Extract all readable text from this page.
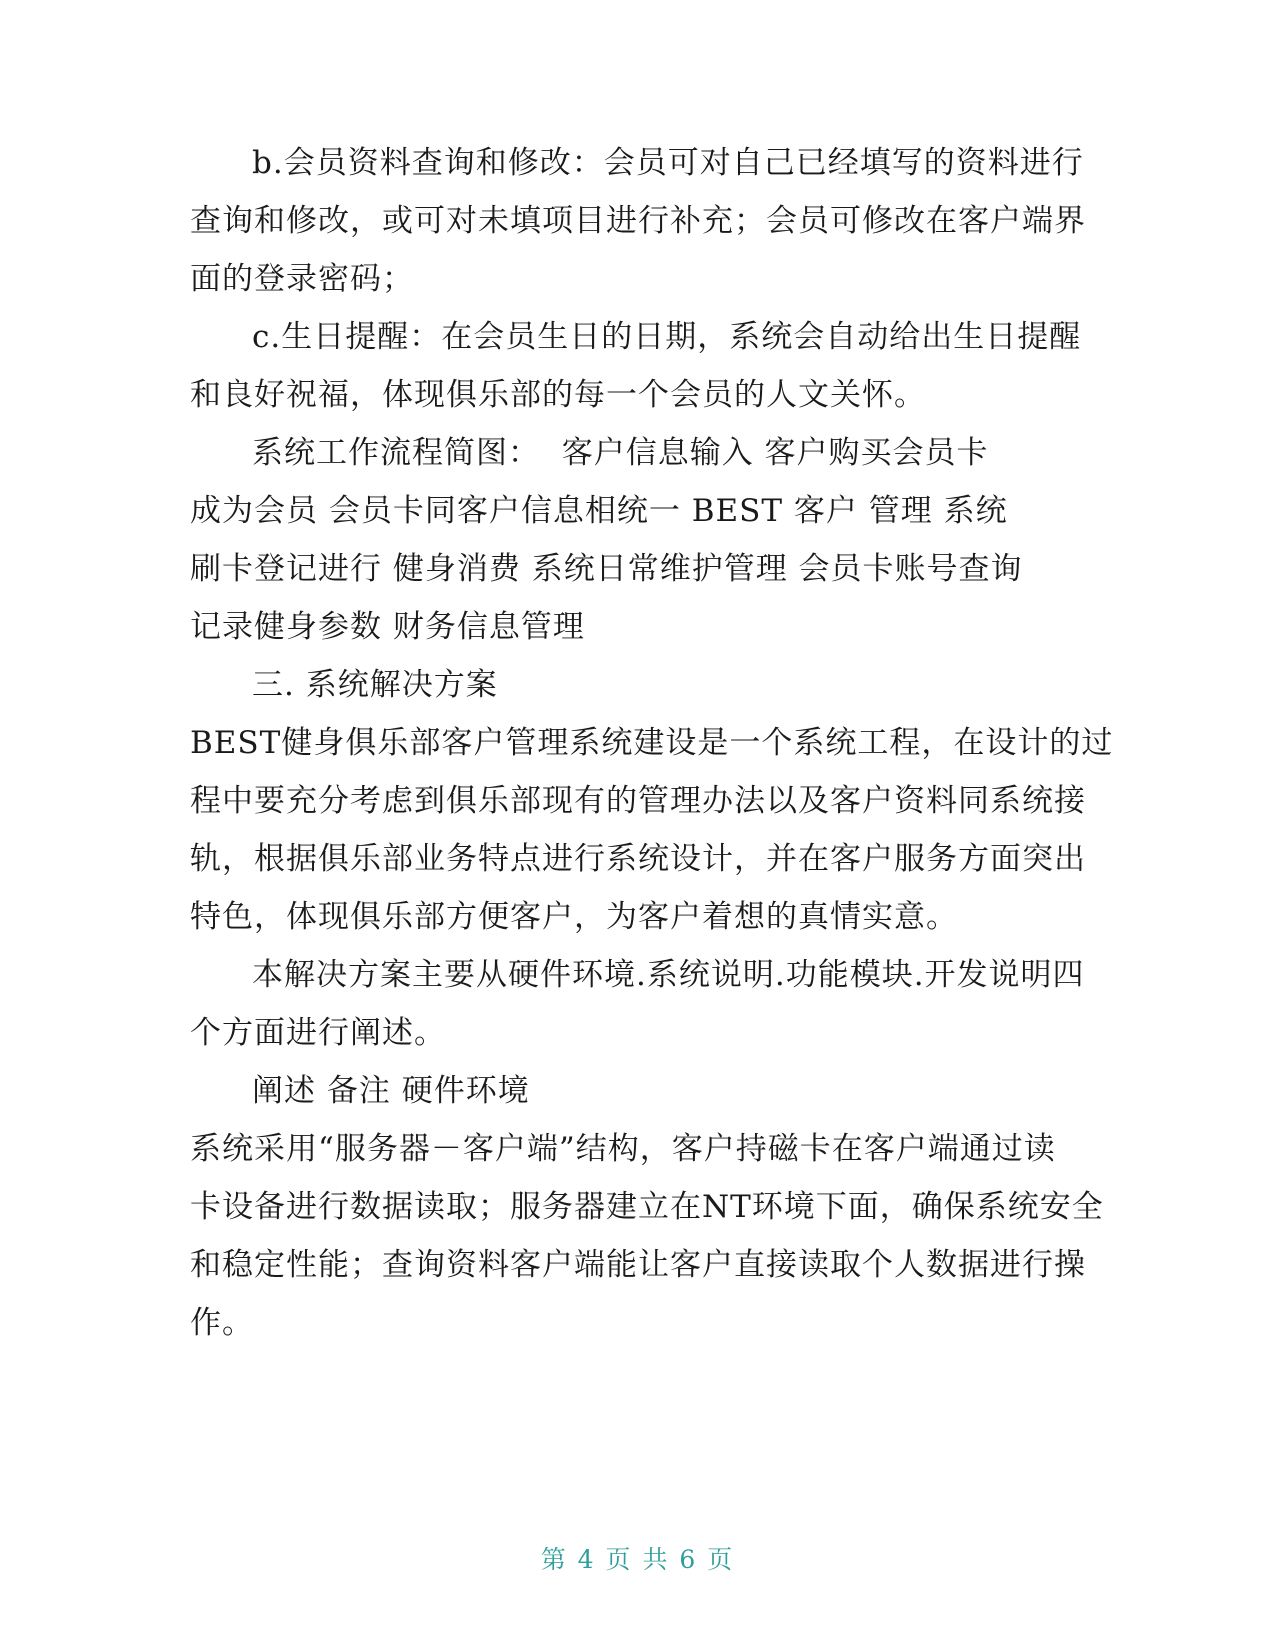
b.会员资料查询和修改：会员可对自己已经填写的资料进行
查询和修改，或可对未填项目进行补充；会员可修改在客户端界
面的登录密码；
c.生日提醒：在会员生日的日期，系统会自动给出生日提醒
和良好祝福，体现俱乐部的每一个会员的人文关怀。
系统工作流程简图：  客户信息输入 客户购买会员卡
成为会员 会员卡同客户信息相统一 BEST 客户 管理 系统
刷卡登记进行 健身消费 系统日常维护管理 会员卡账号查询
记录健身参数 财务信息管理
三. 系统解决方案
BEST健身俱乐部客户管理系统建设是一个系统工程，在设计的过
程中要充分考虑到俱乐部现有的管理办法以及客户资料同系统接
轨，根据俱乐部业务特点进行系统设计，并在客户服务方面突出
特色，体现俱乐部方便客户，为客户着想的真情实意。
本解决方案主要从硬件环境.系统说明.功能模块.开发说明四
个方面进行阐述。
阐述 备注 硬件环境
系统采用“服务器－客户端”结构，客户持磁卡在客户端通过读
卡设备进行数据读取；服务器建立在NT环境下面，确保系统安全
和稳定性能；查询资料客户端能让客户直接读取个人数据进行操
作。
第 4 页 共 6 页
